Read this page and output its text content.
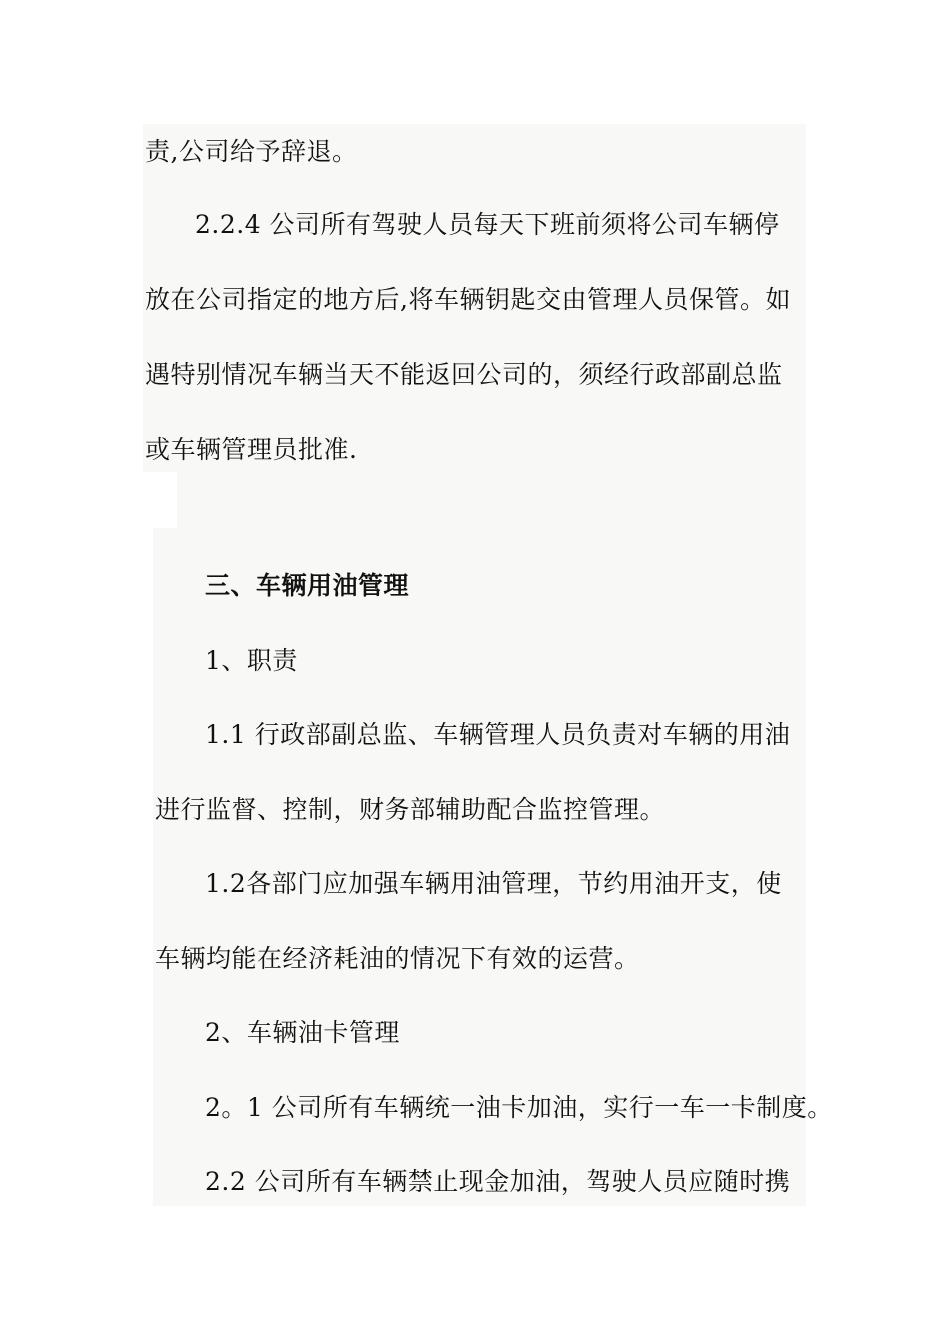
责,公司给予辞退。
2.2.4 公司所有驾驶人员每天下班前须将公司车辆停
放在公司指定的地方后,将车辆钥匙交由管理人员保管。如
遇特别情况车辆当天不能返回公司的，须经行政部副总监
或车辆管理员批准.
三、车辆用油管理
1、职责
1.1 行政部副总监、车辆管理人员负责对车辆的用油
进行监督、控制，财务部辅助配合监控管理。
1.2各部门应加强车辆用油管理，节约用油开支，使
车辆均能在经济耗油的情况下有效的运营。
2、车辆油卡管理
2。1 公司所有车辆统一油卡加油，实行一车一卡制度。
2.2 公司所有车辆禁止现金加油，驾驶人员应随时携
